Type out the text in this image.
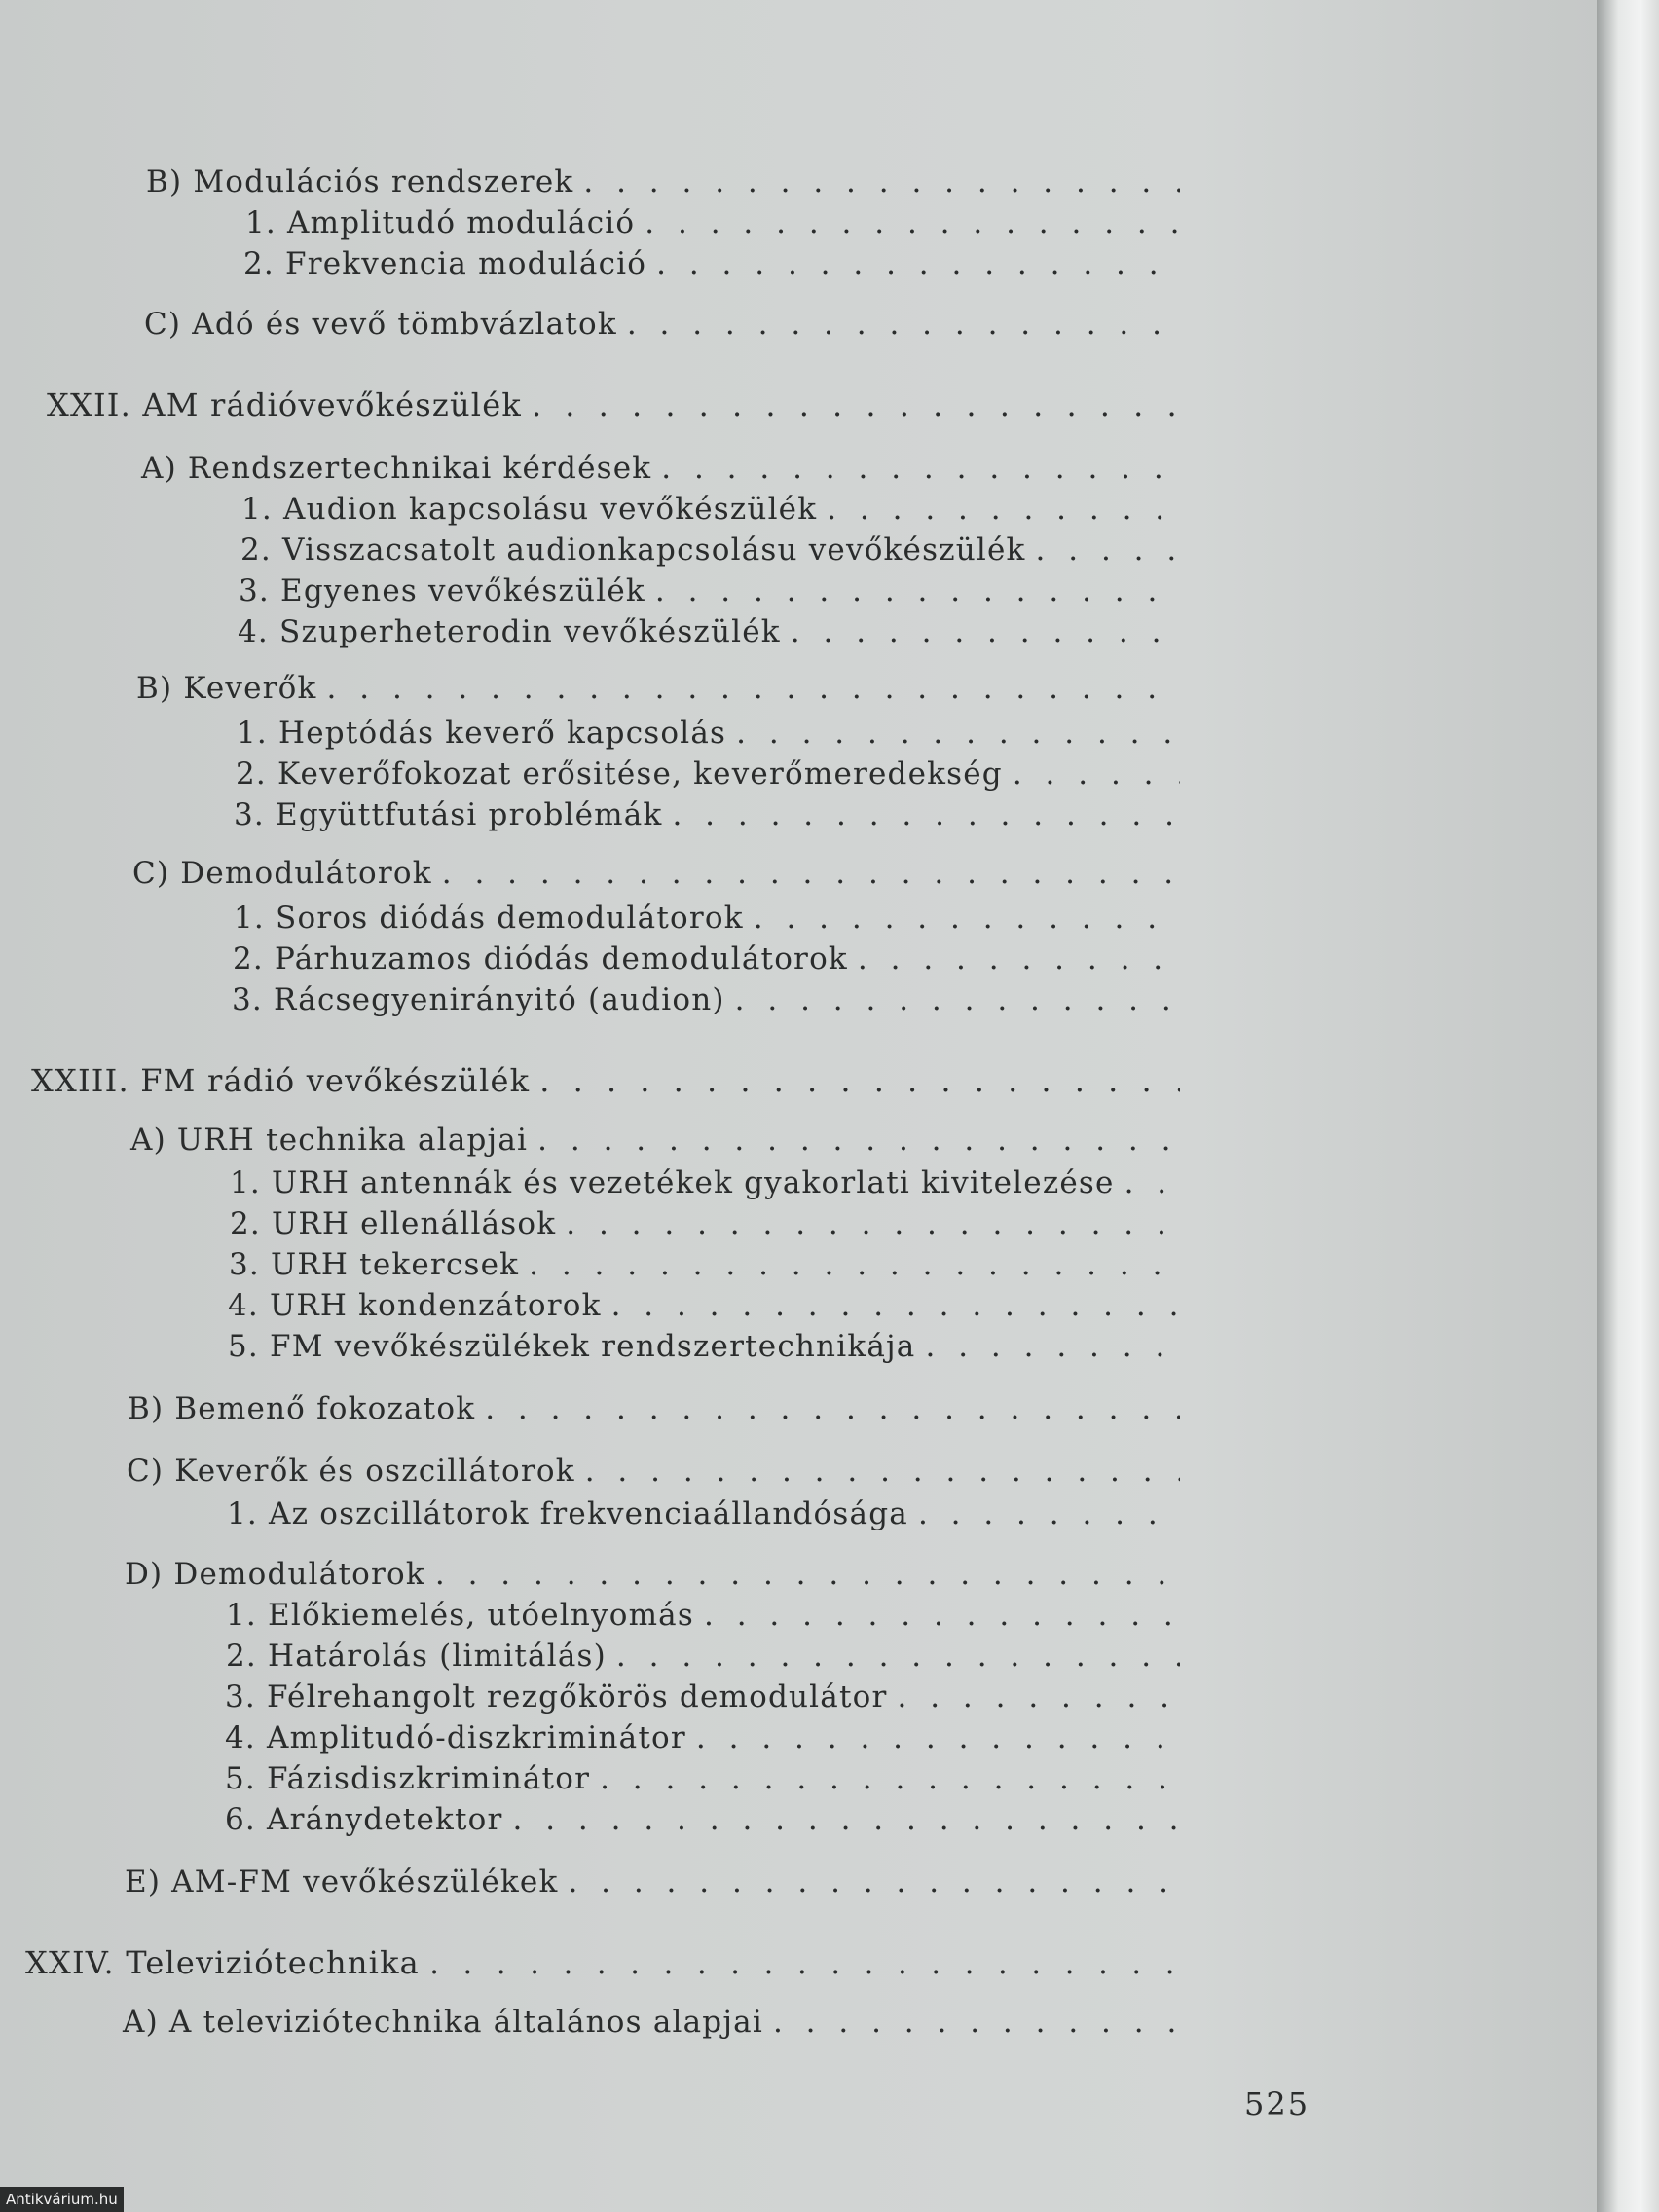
B) Modulációs rendszerek
. . .
1. Amplitudó moduláció
. . .
2. Frekvencia moduláció
. . .
C) Adó és vevő tömbvázlatok
. . .
XXII. AM rádióvevőkészülék
. . .
A) Rendszertechnikai kérdések
. . .
1. Audion kapcsolásu vevőkészülék
. . .
2. Visszacsatolt audionkapcsolásu vevőkészülék
. . .
3. Egyenes vevőkészülék
. . .
4. Szuperheterodin vevőkészülék
. . .
B) Keverők
. . .
1. Heptódás keverő kapcsolás
. . .
2. Keverőfokozat erősitése, keverőmeredekség
. . .
3. Együttfutási problémák
. . .
C) Demodulátorok
. . .
1. Soros diódás demodulátorok
. . .
2. Párhuzamos diódás demodulátorok
. . .
3. Rácsegyenirányitó (audion)
. . .
XXIII. FM rádió vevőkészülék
. . .
A) URH technika alapjai
. . .
1. URH antennák és vezetékek gyakorlati kivitelezése
. . .
2. URH ellenállások
. . .
3. URH tekercsek
. . .
4. URH kondenzátorok
. . .
5. FM vevőkészülékek rendszertechnikája
. . .
B) Bemenő fokozatok
. . .
C) Keverők és oszcillátorok
. . .
1. Az oszcillátorok frekvenciaállandósága
. . .
D) Demodulátorok
. . .
1. Előkiemelés, utóelnyomás
. . .
2. Határolás (limitálás)
. . .
3. Félrehangolt rezgőkörös demodulátor
. . .
4. Amplitudó-diszkriminátor
. . .
5. Fázisdiszkriminátor
. . .
6. Aránydetektor
. . .
E) AM-FM vevőkészülékek
. . .
XXIV. Televiziótechnika
. . .
A) A televiziótechnika általános alapjai
. . .
525
Antikvárium.hu
